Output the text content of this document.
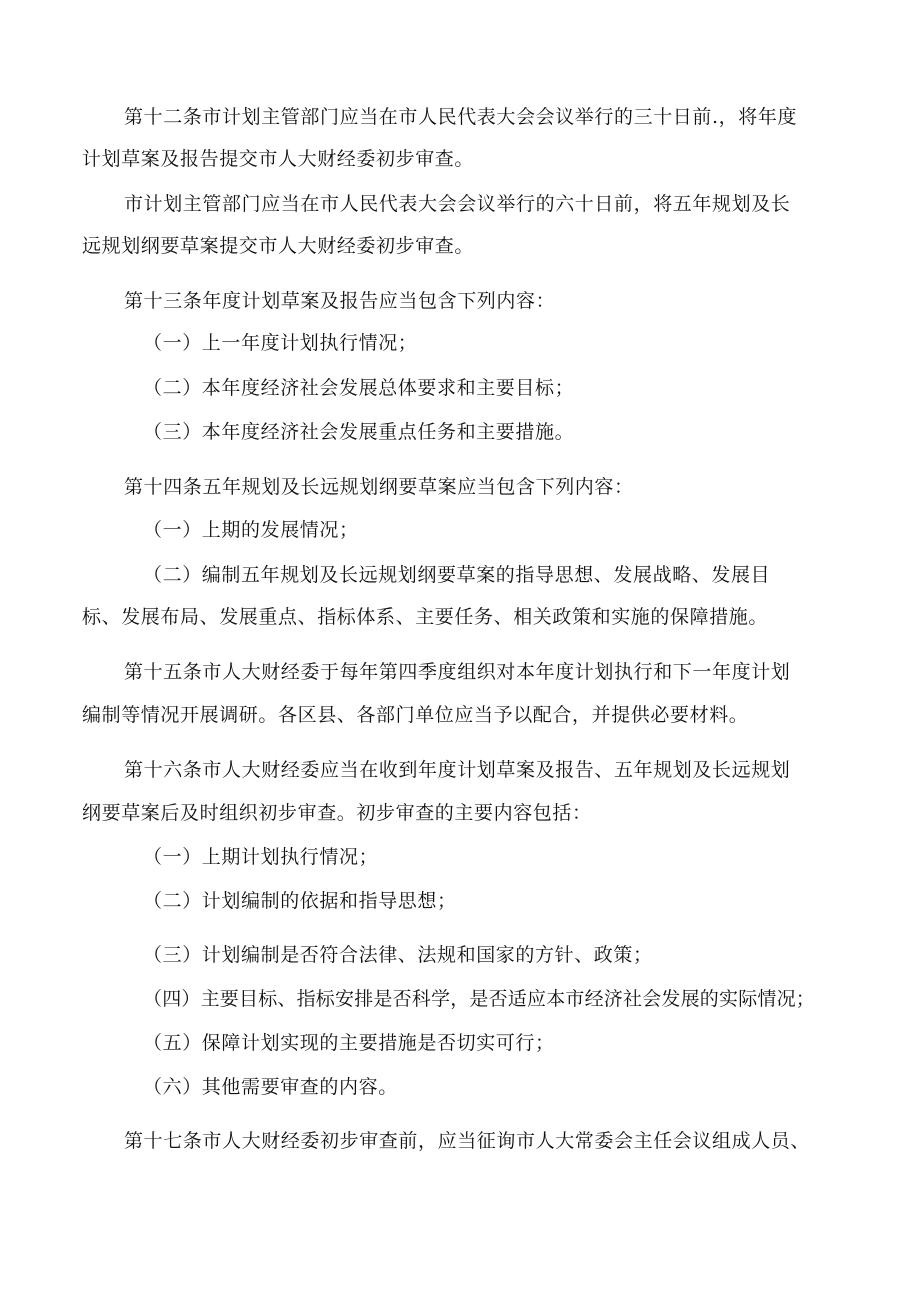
第十二条市计划主管部门应当在市人民代表大会会议举行的三十日前.，将年度
计划草案及报告提交市人大财经委初步审查。
市计划主管部门应当在市人民代表大会会议举行的六十日前，将五年规划及长
远规划纲要草案提交市人大财经委初步审查。
第十三条年度计划草案及报告应当包含下列内容：
（一）上一年度计划执行情况；
（二）本年度经济社会发展总体要求和主要目标；
（三）本年度经济社会发展重点任务和主要措施。
第十四条五年规划及长远规划纲要草案应当包含下列内容：
（一）上期的发展情况；
（二）编制五年规划及长远规划纲要草案的指导思想、发展战略、发展目
标、发展布局、发展重点、指标体系、主要任务、相关政策和实施的保障措施。
第十五条市人大财经委于每年第四季度组织对本年度计划执行和下一年度计划
编制等情况开展调研。各区县、各部门单位应当予以配合，并提供必要材料。
第十六条市人大财经委应当在收到年度计划草案及报告、五年规划及长远规划
纲要草案后及时组织初步审查。初步审查的主要内容包括：
（一）上期计划执行情况；
（二）计划编制的依据和指导思想；
（三）计划编制是否符合法律、法规和国家的方针、政策；
（四）主要目标、指标安排是否科学，是否适应本市经济社会发展的实际情况；
（五）保障计划实现的主要措施是否切实可行；
（六）其他需要审查的内容。
第十七条市人大财经委初步审查前，应当征询市人大常委会主任会议组成人员、
